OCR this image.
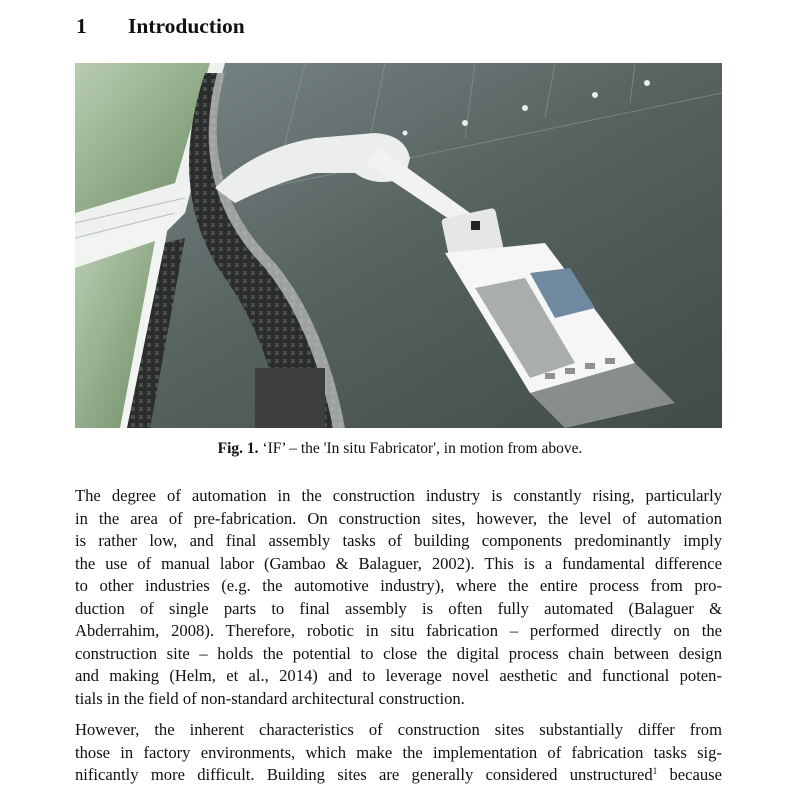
1 Introduction
Fig. 1. ‘IF’ – the 'In situ Fabricator', in motion from above.
The degree of automation in the construction industry is constantly rising, particularly
in the area of pre-fabrication. On construction sites, however, the level of automation
is rather low, and final assembly tasks of building components predominantly imply
the use of manual labor (Gambao & Balaguer, 2002). This is a fundamental difference
to other industries (e.g. the automotive industry), where the entire process from pro-
duction of single parts to final assembly is often fully automated (Balaguer &
Abderrahim, 2008). Therefore, robotic in situ fabrication – performed directly on the
construction site – holds the potential to close the digital process chain between design
and making (Helm, et al., 2014) and to leverage novel aesthetic and functional poten-
tials in the field of non-standard architectural construction.
However, the inherent characteristics of construction sites substantially differ from
those in factory environments, which make the implementation of fabrication tasks sig-
nificantly more difficult. Building sites are generally considered unstructured$^1$ because
